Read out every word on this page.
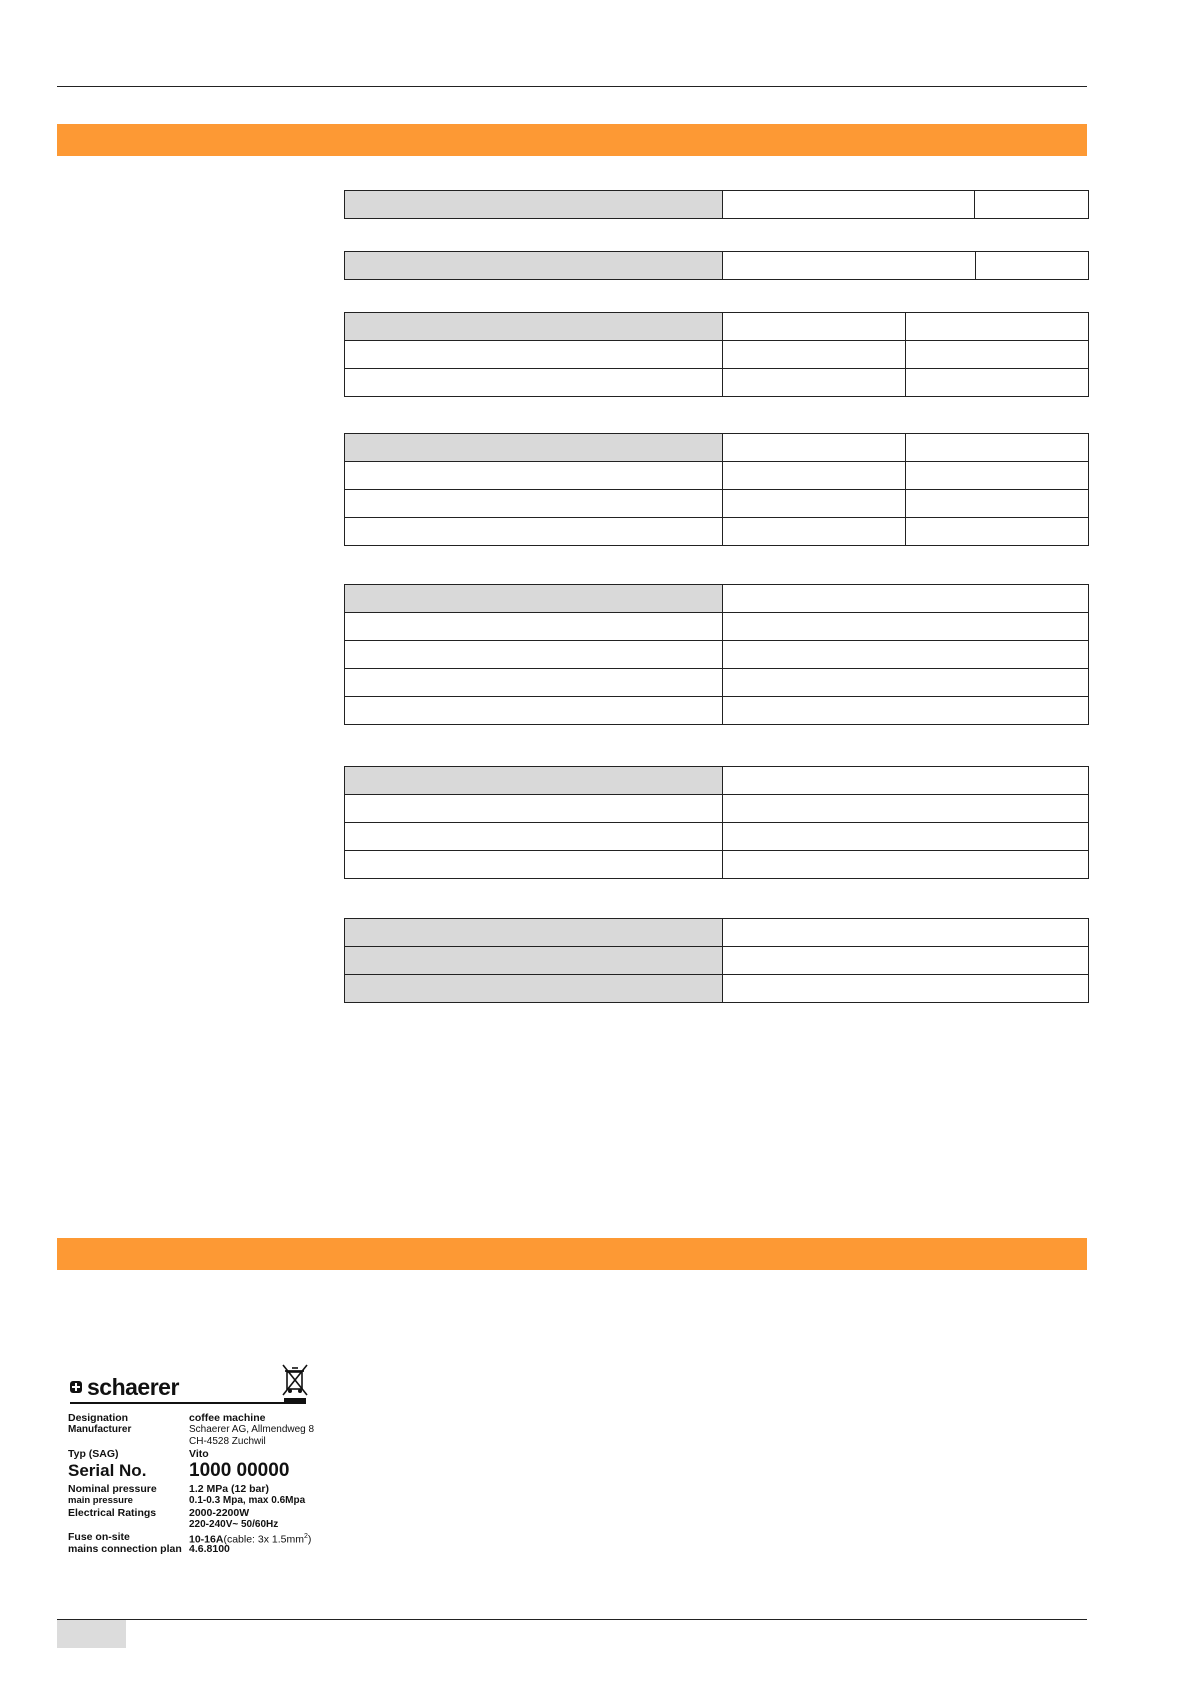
schaerer
Designation	coffee machine
Manufacturer	Schaerer AG, Allmendweg 8
CH-4528 Zuchwil
Typ (SAG)	Vito
Serial No. 1000 00000
Nominal pressure	1.2 MPa (12 bar)
main pressure	0.1-0.3 Mpa, max 0.6Mpa
Electrical Ratings	2000-2200W
220-240V~ 50/60Hz
Fuse on-site	10-16A(cable: 3x $1.5mm^2$)
mains connection plan 4.6.8100
